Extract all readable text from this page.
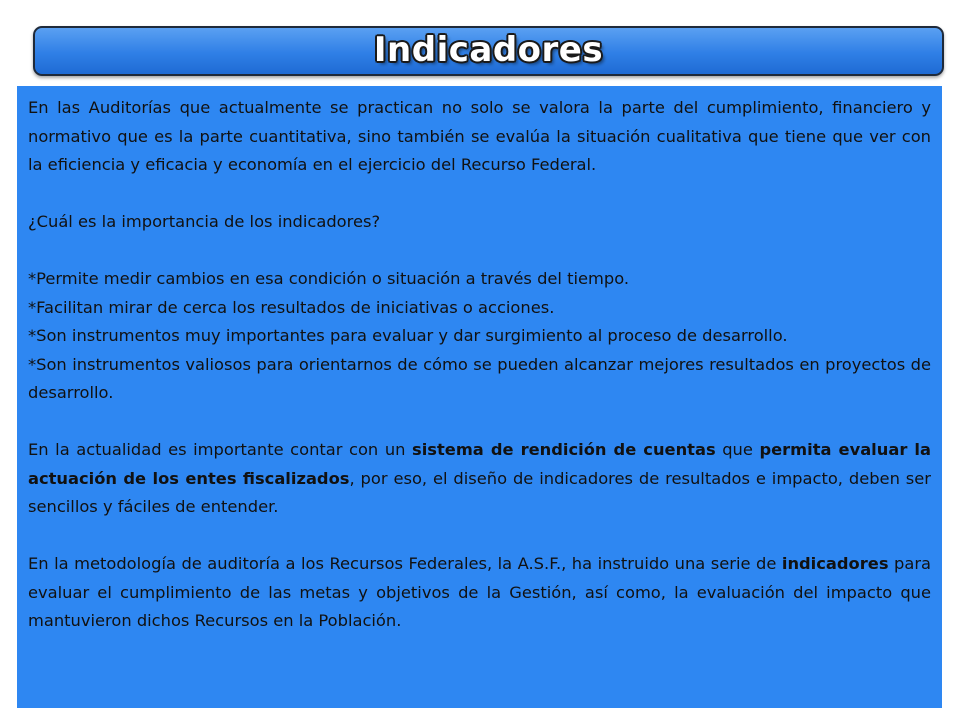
Indicadores

En las Auditorías que actualmente se practican no solo se valora la parte del cumplimiento, financiero y normativo que es la parte cuantitativa, sino también se evalúa la situación cualitativa que tiene que ver con la eficiencia y eficacia y economía en el ejercicio del Recurso Federal.

¿Cuál es la importancia de los indicadores?

*Permite medir cambios en esa condición o situación a través del tiempo.

*Facilitan mirar de cerca los resultados de iniciativas o acciones.

*Son instrumentos muy importantes para evaluar y dar surgimiento al proceso de desarrollo.

*Son instrumentos valiosos para orientarnos de cómo se pueden alcanzar mejores resultados en proyectos de desarrollo.

En la actualidad es importante contar con un sistema de rendición de cuentas que permita evaluar la actuación de los entes fiscalizados, por eso, el diseño de indicadores de resultados e impacto, deben ser sencillos y fáciles de entender.

En la metodología de auditoría a los Recursos Federales, la A.S.F., ha instruido una serie de indicadores para evaluar el cumplimiento de las metas y objetivos de la Gestión, así como, la evaluación del impacto que mantuvieron dichos Recursos en la Población.
